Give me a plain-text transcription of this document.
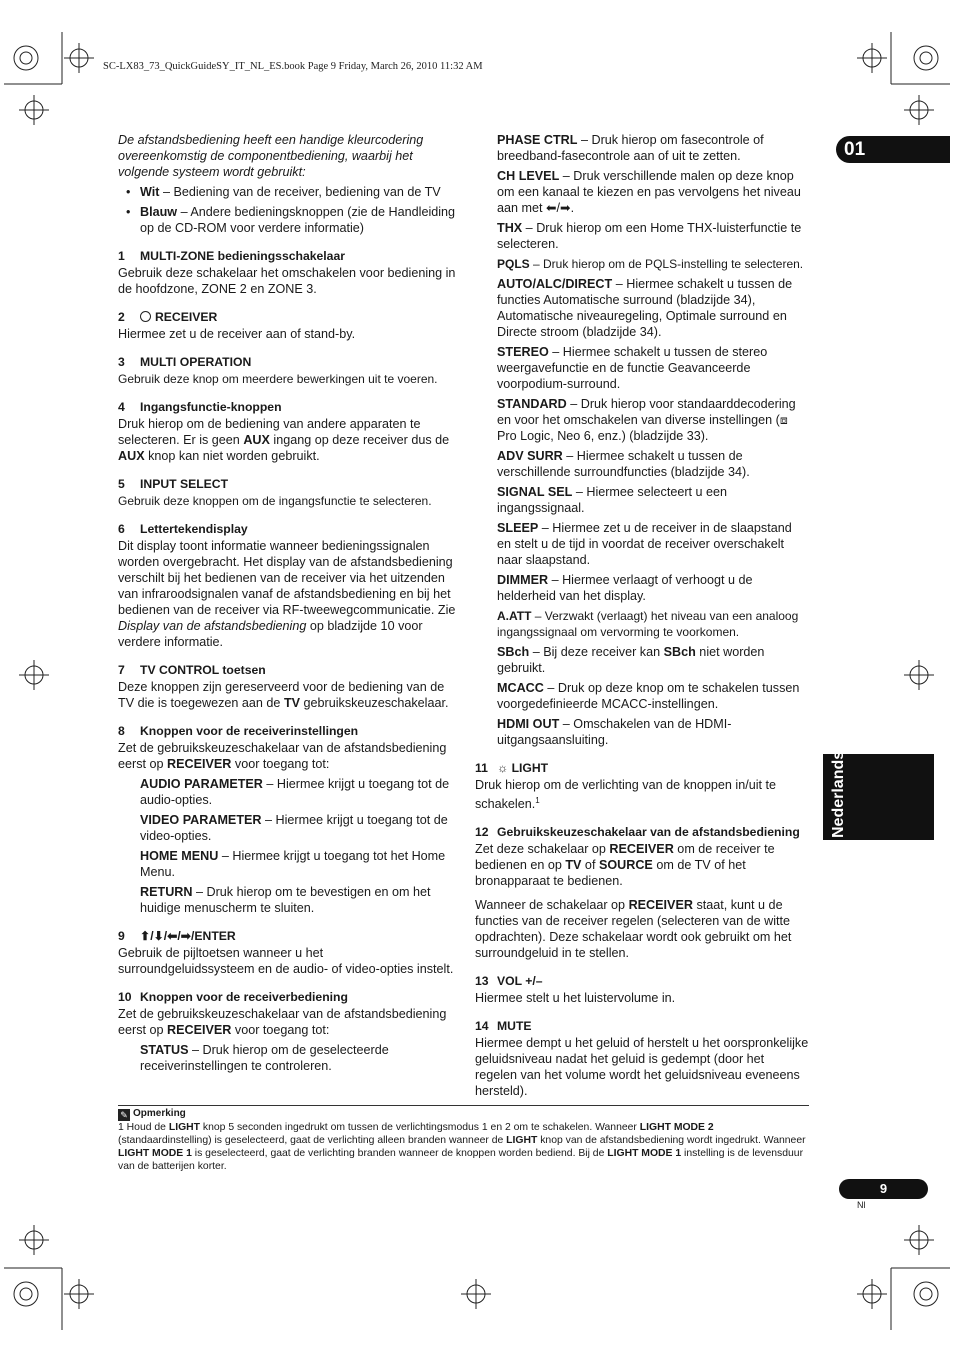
SC-LX83_73_QuickGuideSY_IT_NL_ES.book Page 9 Friday, March 26, 2010 11:32 AM
01
Nederlands

De afstandsbediening heeft een handige kleurcodering overeenkomstig de componentbediening, waarbij het volgende systeem wordt gebruikt:

• Wit – Bediening van de receiver, bediening van de TV
• Blauw – Andere bedieningsknoppen (zie de Handleiding op de CD-ROM voor verdere informatie)
1 MULTI-ZONE bedieningsschakelaar
Gebruik deze schakelaar het omschakelen voor bediening in de hoofdzone, ZONE 2 en ZONE 3.
2 RECEIVER
Hiermee zet u de receiver aan of stand-by.
3 MULTI OPERATION
Gebruik deze knop om meerdere bewerkingen uit te voeren.
4 Ingangsfunctie-knoppen
Druk hierop om de bediening van andere apparaten te selecteren. Er is geen AUX ingang op deze receiver dus de AUX knop kan niet worden gebruikt.
5 INPUT SELECT
Gebruik deze knoppen om de ingangsfunctie te selecteren.
6 Lettertekendisplay
Dit display toont informatie wanneer bedieningssignalen worden overgebracht. Het display van de afstandsbediening verschilt bij het bedienen van de receiver via het uitzenden van infraroodsignalen vanaf de afstandsbediening en bij het bedienen van de receiver via RF-tweewegcommunicatie. Zie Display van de afstandsbediening op bladzijde 10 voor verdere informatie.
7 TV CONTROL toetsen
Deze knoppen zijn gereserveerd voor de bediening van de TV die is toegewezen aan de TV gebruikskeuzeschakelaar.
8 Knoppen voor de receiverinstellingen

Zet de gebruikskeuzeschakelaar van de afstandsbediening eerst op RECEIVER voor toegang tot:

AUDIO PARAMETER – Hiermee krijgt u toegang tot de audio-opties.
VIDEO PARAMETER – Hiermee krijgt u toegang tot de video-opties.
HOME MENU – Hiermee krijgt u toegang tot het Home Menu.
RETURN – Druk hierop om te bevestigen en om het huidige menuscherm te sluiten.
9 ⬆/⬇/⬅/➡/ENTER
Gebruik de pijltoetsen wanneer u het surroundgeluidssysteem en de audio- of video-opties instelt.
10 Knoppen voor de receiverbediening

Zet de gebruikskeuzeschakelaar van de afstandsbediening eerst op RECEIVER voor toegang tot:

STATUS – Druk hierop om de geselecteerde receiverinstellingen te controleren.
PHASE CTRL – Druk hierop om fasecontrole of breedband-fasecontrole aan of uit te zetten.
CH LEVEL – Druk verschillende malen op deze knop om een kanaal te kiezen en pas vervolgens het niveau aan met ⬅/➡.
THX – Druk hierop om een Home THX-luisterfunctie te selecteren.
PQLS – Druk hierop om de PQLS-instelling te selecteren.
AUTO/ALC/DIRECT – Hiermee schakelt u tussen de functies Automatische surround (bladzijde 34), Automatische niveauregeling, Optimale surround en Directe stroom (bladzijde 34).
STEREO – Hiermee schakelt u tussen de stereo weergavefunctie en de functie Geavanceerde voorpodium-surround.
STANDARD – Druk hierop voor standaarddecodering en voor het omschakelen van diverse instellingen (⧈ Pro Logic, Neo 6, enz.) (bladzijde 33).
ADV SURR – Hiermee schakelt u tussen de verschillende surroundfuncties (bladzijde 34).
SIGNAL SEL – Hiermee selecteert u een ingangssignaal.
SLEEP – Hiermee zet u de receiver in de slaapstand en stelt u de tijd in voordat de receiver overschakelt naar slaapstand.
DIMMER – Hiermee verlaagt of verhoogt u de helderheid van het display.
A.ATT – Verzwakt (verlaagt) het niveau van een analoog ingangssignaal om vervorming te voorkomen.
SBch – Bij deze receiver kan SBch niet worden gebruikt.
MCACC – Druk op deze knop om te schakelen tussen voorgedefinieerde MCACC-instellingen.
HDMI OUT – Omschakelen van de HDMI-uitgangsaansluiting.
11 ☼ LIGHT
Druk hierop om de verlichting van de knoppen in/uit te schakelen.$^1$
12 Gebruikskeuzeschakelaar van de afstandsbediening

Zet deze schakelaar op RECEIVER om de receiver te bedienen en op TV of SOURCE om de TV of het bronapparaat te bedienen.

Wanneer de schakelaar op RECEIVER staat, kunt u de functies van de receiver regelen (selecteren van de witte opdrachten). Deze schakelaar wordt ook gebruikt om het surroundgeluid in te stellen.

13 VOL +/–
Hiermee stelt u het luistervolume in.
14 MUTE
Hiermee dempt u het geluid of herstelt u het oorspronkelijke geluidsniveau nadat het geluid is gedempt (door het regelen van het volume wordt het geluidsniveau eveneens hersteld).
✎ Opmerking
1 Houd de LIGHT knop 5 seconden ingedrukt om tussen de verlichtingsmodus 1 en 2 om te schakelen. Wanneer LIGHT MODE 2 (standaardinstelling) is geselecteerd, gaat de verlichting alleen branden wanneer de LIGHT knop van de afstandsbediening wordt ingedrukt. Wanneer LIGHT MODE 1 is geselecteerd, gaat de verlichting branden wanneer de knoppen worden bediend. Bij de LIGHT MODE 1 instelling is de levensduur van de batterijen korter.
9
Nl
